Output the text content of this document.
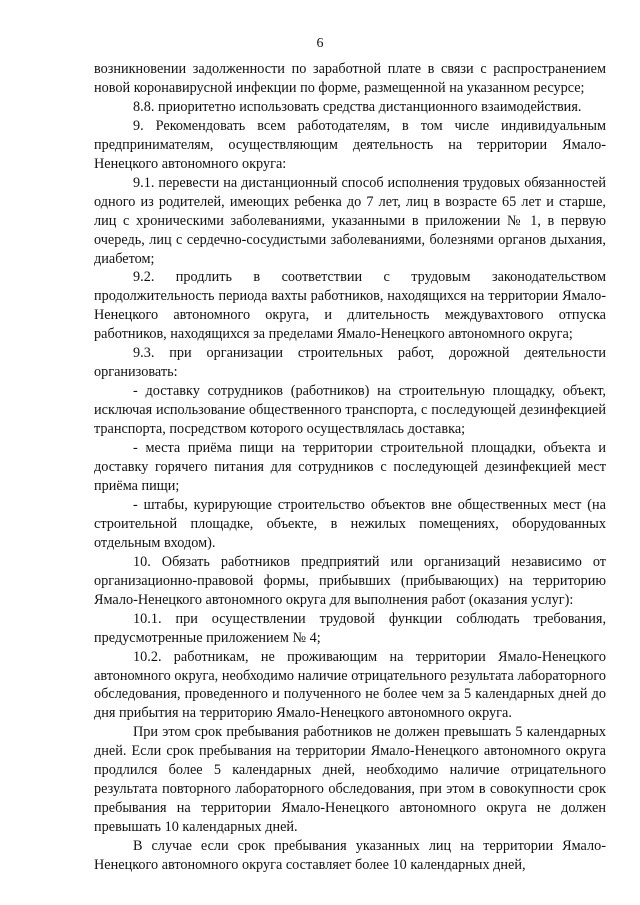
6

возникновении задолженности по заработной плате в связи с распространением новой коронавирусной инфекции по форме, размещенной на указанном ресурсе;

8.8. приоритетно использовать средства дистанционного взаимодействия.

9. Рекомендовать всем работодателям, в том числе индивидуальным предпринимателям, осуществляющим деятельность на территории Ямало-Ненецкого автономного округа:

9.1. перевести на дистанционный способ исполнения трудовых обязанностей одного из родителей, имеющих ребенка до 7 лет, лиц в возрасте 65 лет и старше, лиц с хроническими заболеваниями, указанными в приложении № 1, в первую очередь, лиц с сердечно-сосудистыми заболеваниями, болезнями органов дыхания, диабетом;

9.2. продлить в соответствии с трудовым законодательством продолжительность периода вахты работников, находящихся на территории Ямало-Ненецкого автономного округа, и длительность междувахтового отпуска работников, находящихся за пределами Ямало-Ненецкого автономного округа;

9.3. при организации строительных работ, дорожной деятельности организовать:

- доставку сотрудников (работников) на строительную площадку, объект, исключая использование общественного транспорта, с последующей дезинфекцией транспорта, посредством которого осуществлялась доставка;

- места приёма пищи на территории строительной площадки, объекта и доставку горячего питания для сотрудников с последующей дезинфекцией мест приёма пищи;

- штабы, курирующие строительство объектов вне общественных мест (на строительной площадке, объекте, в нежилых помещениях, оборудованных отдельным входом).

10. Обязать работников предприятий или организаций независимо от организационно-правовой формы, прибывших (прибывающих) на территорию Ямало-Ненецкого автономного округа для выполнения работ (оказания услуг):

10.1. при осуществлении трудовой функции соблюдать требования, предусмотренные приложением № 4;

10.2. работникам, не проживающим на территории Ямало-Ненецкого автономного округа, необходимо наличие отрицательного результата лабораторного обследования, проведенного и полученного не более чем за 5 календарных дней до дня прибытия на территорию Ямало-Ненецкого автономного округа.

При этом срок пребывания работников не должен превышать 5 календарных дней. Если срок пребывания на территории Ямало-Ненецкого автономного округа продлился более 5 календарных дней, необходимо наличие отрицательного результата повторного лабораторного обследования, при этом в совокупности срок пребывания на территории Ямало-Ненецкого автономного округа не должен превышать 10 календарных дней.

В случае если срок пребывания указанных лиц на территории Ямало-Ненецкого автономного округа составляет более 10 календарных дней,
